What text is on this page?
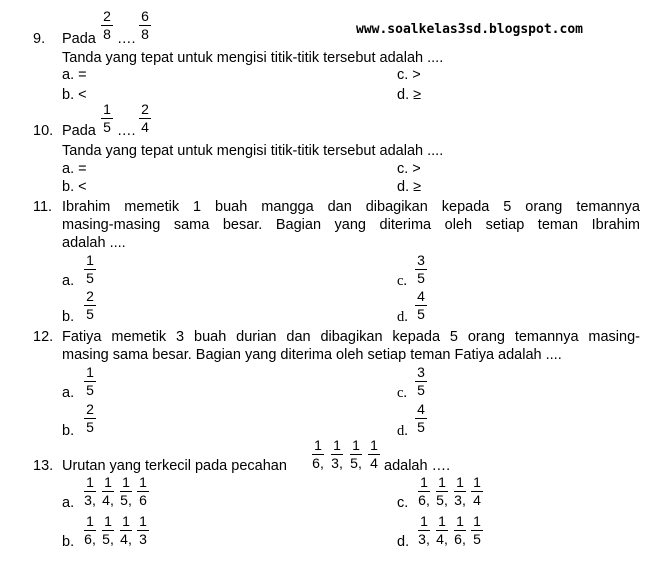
www.soalkelas3sd.blogspot.com
9. Pada $\frac{2}{8}$ …. $\frac{6}{8}$
Tanda yang tepat untuk mengisi titik-titik tersebut adalah ....
a. =
b. <
c. >
d. ≥
10. Pada $\frac{1}{5}$ …. $\frac{2}{4}$
Tanda yang tepat untuk mengisi titik-titik tersebut adalah ....
a. =
b. <
c. >
d. ≥
11. Ibrahim memetik 1 buah mangga dan dibagikan kepada 5 orang temannya
masing-masing sama besar. Bagian yang diterima oleh setiap teman Ibrahim
adalah ....
a. $\frac{1}{5}$
b. $\frac{2}{5}$
c. $\frac{3}{5}$
d. $\frac{4}{5}$
12. Fatiya memetik 3 buah durian dan dibagikan kepada 5 orang temannya masing-
masing sama besar. Bagian yang diterima oleh setiap teman Fatiya adalah ....
a. $\frac{1}{5}$
b. $\frac{2}{5}$
c. $\frac{3}{5}$
d. $\frac{4}{5}$
13. Urutan yang terkecil pada pecahan $\frac{1}{6,} \frac{1}{3,} \frac{1}{5,} \frac{1}{4}$ adalah ….
a. $\frac{1}{3,} \frac{1}{4,} \frac{1}{5,} \frac{1}{6}$
b. $\frac{1}{6,} \frac{1}{5,} \frac{1}{4,} \frac{1}{3}$
c. $\frac{1}{6,} \frac{1}{5,} \frac{1}{3,} \frac{1}{4}$
d. $\frac{1}{3,} \frac{1}{4,} \frac{1}{6,} \frac{1}{5}$
